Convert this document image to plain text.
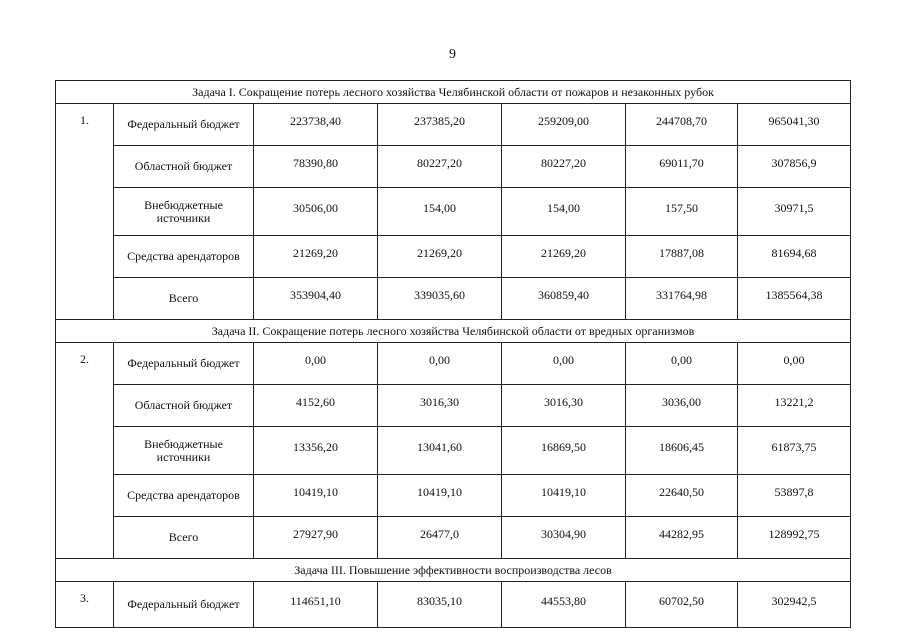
9
Задача I. Сокращение потерь лесного хозяйства Челябинской области от пожаров и незаконных рубок						
1.	Федеральный бюджет	223738,40	237385,20	259209,00	244708,70	965041,30
	Областной бюджет	78390,80	80227,20	80227,20	69011,70	307856,9
	Внебюджетные источники	30506,00	154,00	154,00	157,50	30971,5
	Средства арендаторов	21269,20	21269,20	21269,20	17887,08	81694,68
	Всего	353904,40	339035,60	360859,40	331764,98	1385564,38
Задача II. Сокращение потерь лесного хозяйства Челябинской области от вредных организмов						
2.	Федеральный бюджет	0,00	0,00	0,00	0,00	0,00
	Областной бюджет	4152,60	3016,30	3016,30	3036,00	13221,2
	Внебюджетные источники	13356,20	13041,60	16869,50	18606,45	61873,75
	Средства арендаторов	10419,10	10419,10	10419,10	22640,50	53897,8
	Всего	27927,90	26477,0	30304,90	44282,95	128992,75
Задача III. Повышение эффективности воспроизводства лесов						
3.	Федеральный бюджет	114651,10	83035,10	44553,80	60702,50	302942,5
